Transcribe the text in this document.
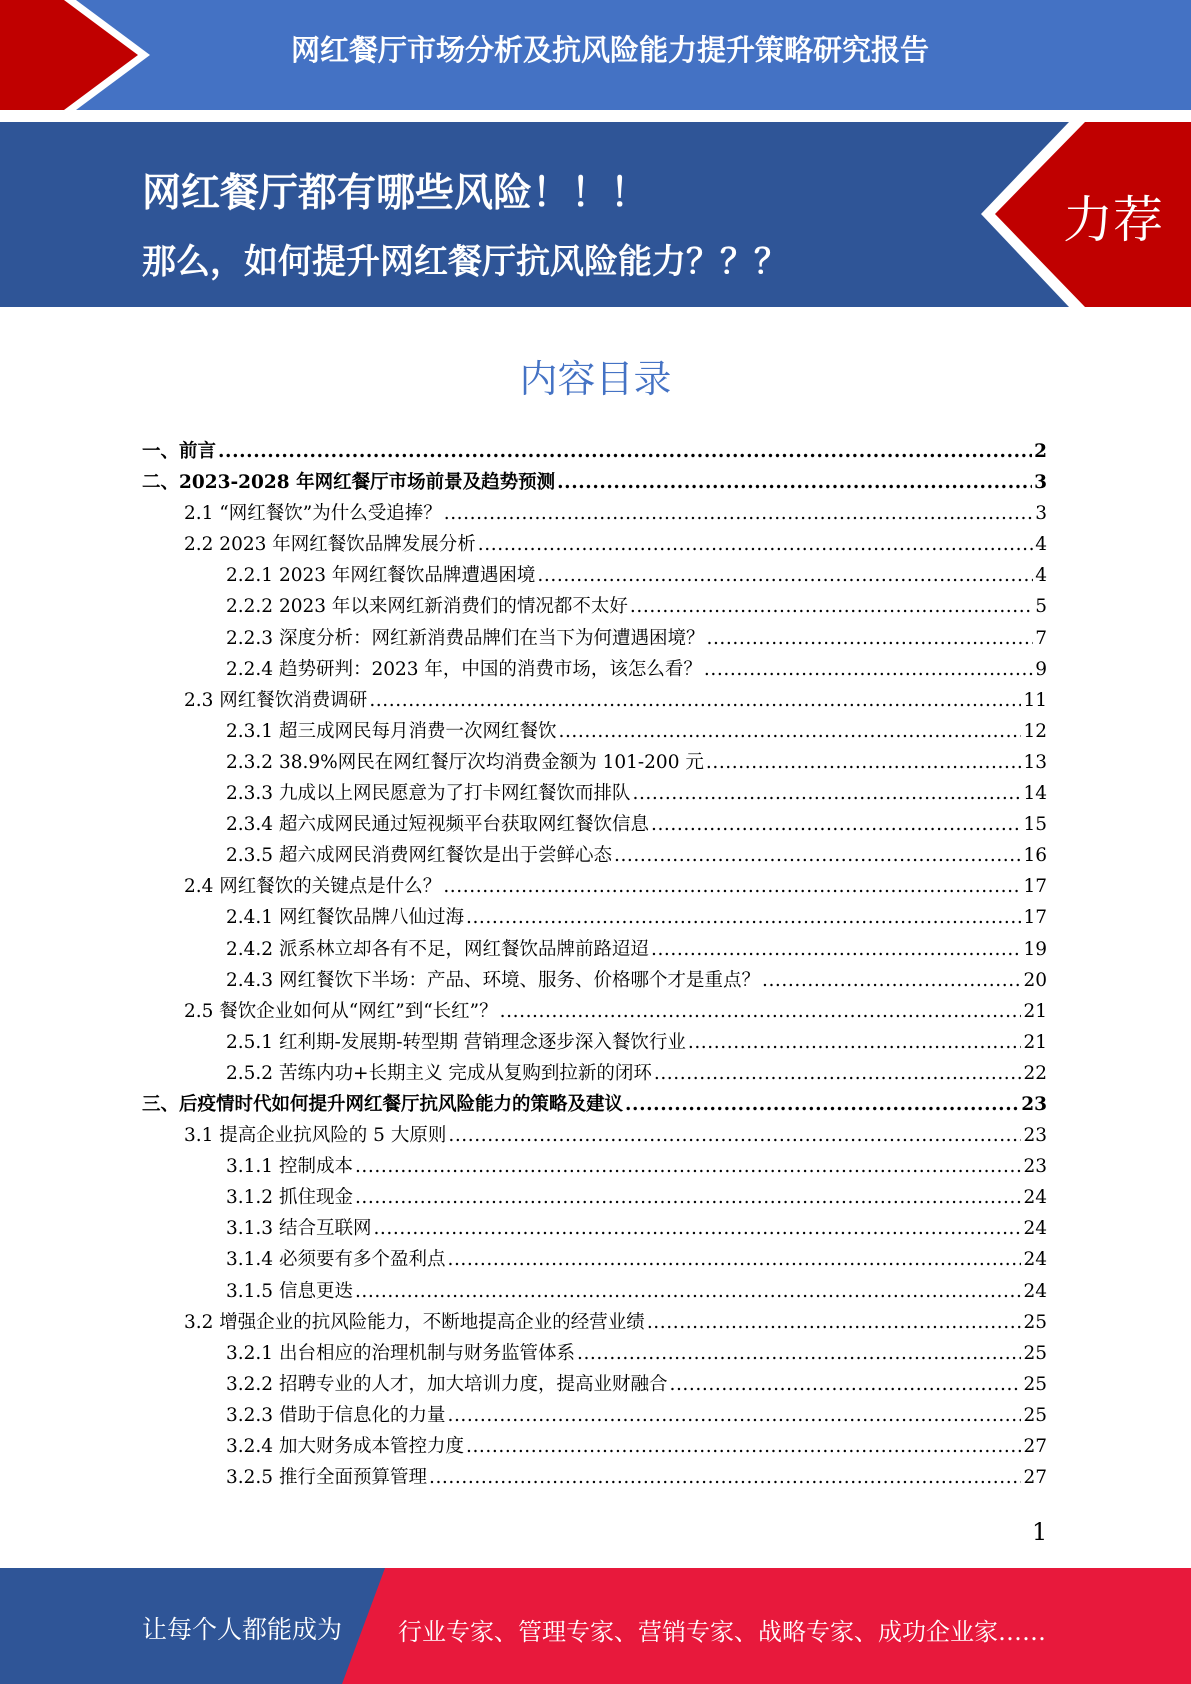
网红餐厅市场分析及抗风险能力提升策略研究报告
网红餐厅都有哪些风险！！！
那么，如何提升网红餐厅抗风险能力？？？
力荐
内容目录
一、前言 .....	2
二、2023-2028 年网红餐厅市场前景及趋势预测 .....	3
2.1 “网红餐饮”为什么受追捧？ .....	3
2.2 2023 年网红餐饮品牌发展分析 .....	4
2.2.1 2023 年网红餐饮品牌遭遇困境 .....	4
2.2.2 2023 年以来网红新消费们的情况都不太好 .....	5
2.2.3 深度分析：网红新消费品牌们在当下为何遭遇困境？ .....	7
2.2.4 趋势研判：2023 年，中国的消费市场，该怎么看？ .....	9
2.3 网红餐饮消费调研 .....	11
2.3.1 超三成网民每月消费一次网红餐饮 .....	12
2.3.2 38.9%网民在网红餐厅次均消费金额为 101-200 元 .....	13
2.3.3 九成以上网民愿意为了打卡网红餐饮而排队 .....	14
2.3.4 超六成网民通过短视频平台获取网红餐饮信息 .....	15
2.3.5 超六成网民消费网红餐饮是出于尝鲜心态 .....	16
2.4 网红餐饮的关键点是什么？ .....	17
2.4.1 网红餐饮品牌八仙过海 .....	17
2.4.2 派系林立却各有不足，网红餐饮品牌前路迢迢 .....	19
2.4.3 网红餐饮下半场：产品、环境、服务、价格哪个才是重点？ .....	20
2.5 餐饮企业如何从“网红”到“长红”？ .....	21
2.5.1 红利期-发展期-转型期 营销理念逐步深入餐饮行业 .....	21
2.5.2 苦练内功+长期主义 完成从复购到拉新的闭环 .....	22
三、后疫情时代如何提升网红餐厅抗风险能力的策略及建议 .....	23
3.1 提高企业抗风险的 5 大原则 .....	23
3.1.1 控制成本 .....	23
3.1.2 抓住现金 .....	24
3.1.3 结合互联网 .....	24
3.1.4 必须要有多个盈利点 .....	24
3.1.5 信息更迭 .....	24
3.2 增强企业的抗风险能力，不断地提高企业的经营业绩 .....	25
3.2.1 出台相应的治理机制与财务监管体系 .....	25
3.2.2 招聘专业的人才，加大培训力度，提高业财融合 .....	25
3.2.3 借助于信息化的力量 .....	25
3.2.4 加大财务成本管控力度 .....	27
3.2.5 推行全面预算管理 .....	27
1
让每个人都能成为 行业专家、管理专家、营销专家、战略专家、成功企业家……
